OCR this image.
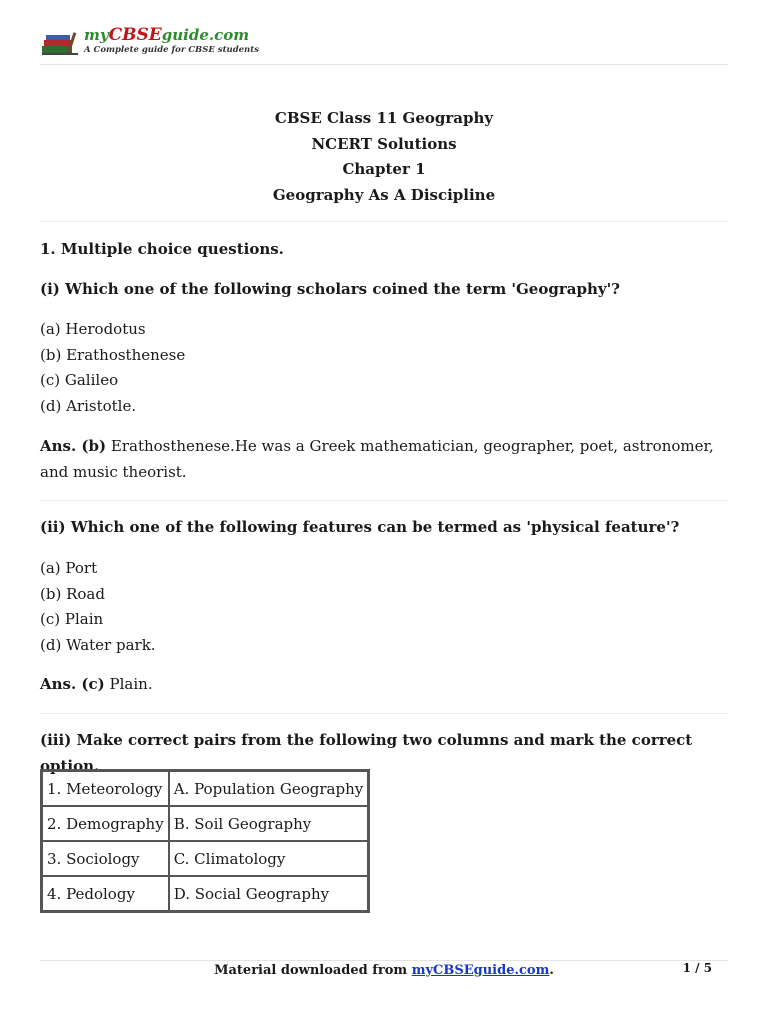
myCBSEguide.com
A Complete guide for CBSE students
CBSE Class 11 Geography
NCERT Solutions
Chapter 1
Geography As A Discipline

1. Multiple choice questions.

(i) Which one of the following scholars coined the term 'Geography'?

(a) Herodotus
(b) Erathosthenese
(c) Galileo
(d) Aristotle.

Ans. (b) Erathosthenese.He was a Greek mathematician, geographer, poet, astronomer, and music theorist.

(ii) Which one of the following features can be termed as 'physical feature'?

(a) Port
(b) Road
(c) Plain
(d) Water park.

Ans. (c) Plain.

(iii) Make correct pairs from the following two columns and mark the correct option.

1. Meteorology	A. Population Geography
2. Demography	B. Soil Geography
3. Sociology	C. Climatology
4. Pedology	D. Social Geography
Material downloaded from myCBSEguide.com.	1 / 5
